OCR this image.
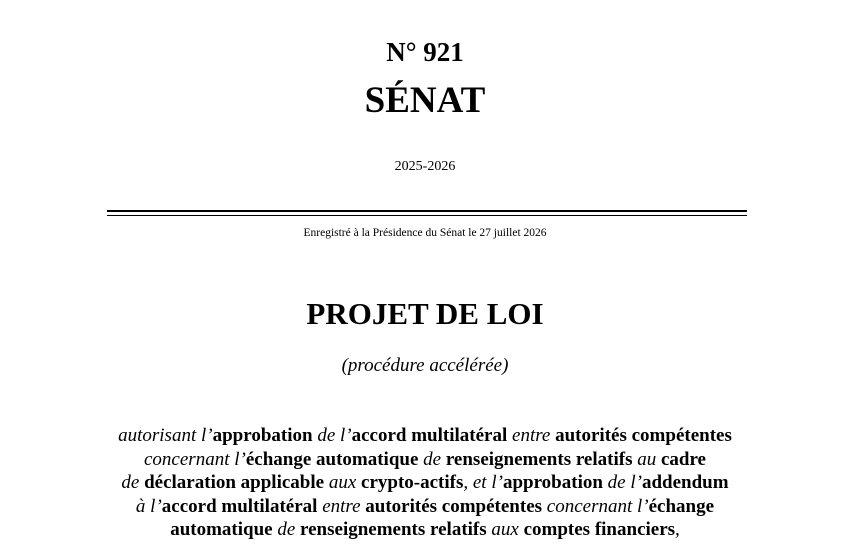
N° 921
SÉNAT
2025-2026
Enregistré à la Présidence du Sénat le 27 juillet 2026
PROJET DE LOI
(procédure accélérée)
autorisant l’approbation de l’accord multilatéral entre autorités compétentes
concernant l’échange automatique de renseignements relatifs au cadre
de déclaration applicable aux crypto-actifs, et l’approbation de l’addendum
à l’accord multilatéral entre autorités compétentes concernant l’échange
automatique de renseignements relatifs aux comptes financiers,
